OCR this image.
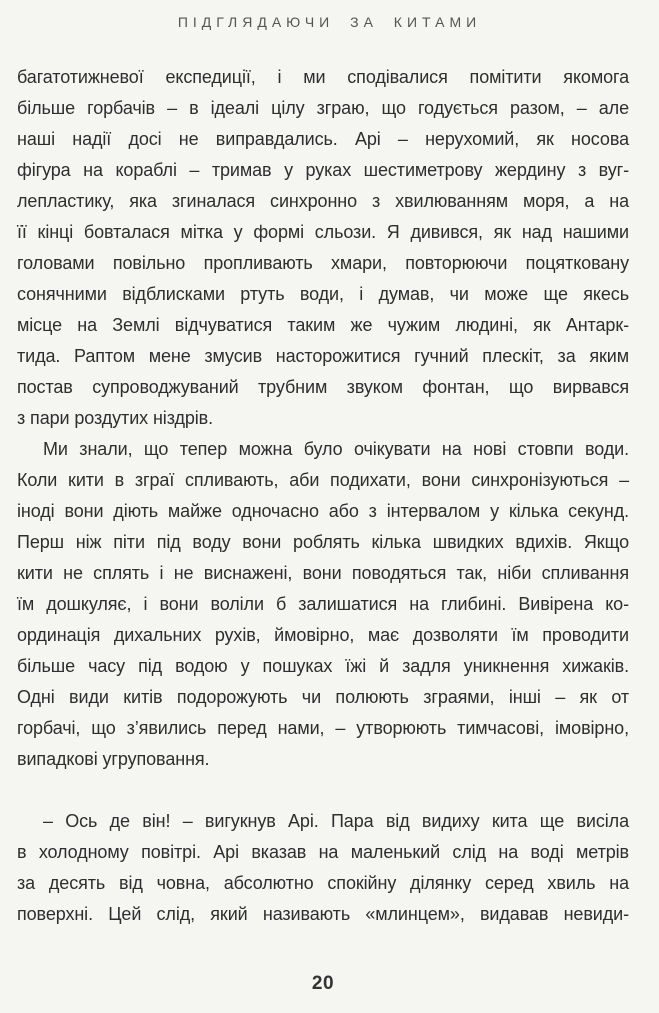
ПІДГЛЯДАЮЧИ ЗА КИТАМИ
багатотижневої експедиції, і ми сподівалися помітити якомога
більше горбачів – в ідеалі цілу зграю, що годується разом, – але
наші надії досі не виправдались. Арі – нерухомий, як носова
фігура на кораблі – тримав у руках шестиметрову жердину з вуг-
лепластику, яка згиналася синхронно з хвилюванням моря, а на
її кінці бовталася мітка у формі сльози. Я дивився, як над нашими
головами повільно пропливають хмари, повторюючи поцятковану
сонячними відблисками ртуть води, і думав, чи може ще якесь
місце на Землі відчуватися таким же чужим людині, як Антарк-
тида. Раптом мене змусив насторожитися гучний плескіт, за яким
постав супроводжуваний трубним звуком фонтан, що вирвався
з пари роздутих ніздрів.
Ми знали, що тепер можна було очікувати на нові стовпи води.
Коли кити в зграї спливають, аби подихати, вони синхронізуються –
іноді вони діють майже одночасно або з інтервалом у кілька секунд.
Перш ніж піти під воду вони роблять кілька швидких вдихів. Якщо
кити не сплять і не виснажені, вони поводяться так, ніби спливання
їм дошкуляє, і вони воліли б залишатися на глибині. Вивірена ко-
ординація дихальних рухів, ймовірно, має дозволяти їм проводити
більше часу під водою у пошуках їжі й задля уникнення хижаків.
Одні види китів подорожують чи полюють зграями, інші – як от
горбачі, що з’явились перед нами, – утворюють тимчасові, імовірно,
випадкові угруповання.
– Ось де він! – вигукнув Арі. Пара від видиху кита ще висіла
в холодному повітрі. Арі вказав на маленький слід на воді метрів
за десять від човна, абсолютно спокійну ділянку серед хвиль на
поверхні. Цей слід, який називають «млинцем», видавав невиди-
20
